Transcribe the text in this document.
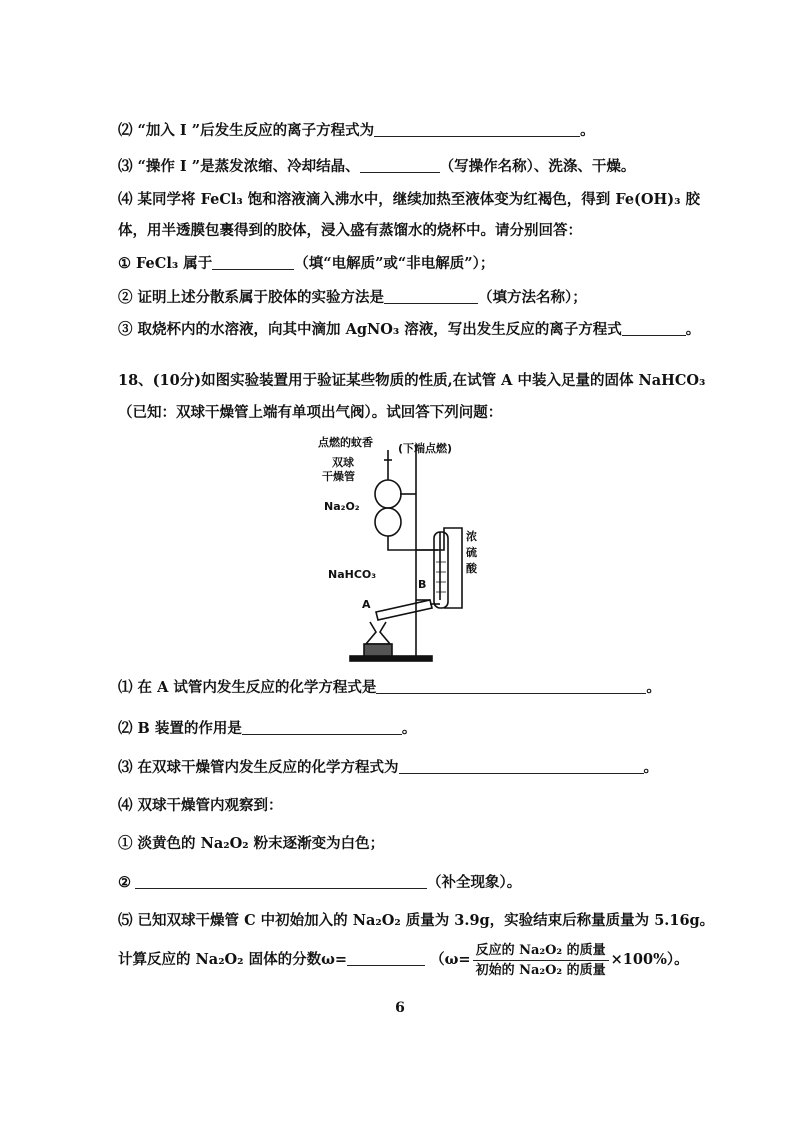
⑵ “加入 I ”后发生反应的离子方程式为	。
⑶ “操作 I ”是蒸发浓缩、冷却结晶、	（写操作名称）、洗涤、干燥。
⑷ 某同学将 FeCl₃ 饱和溶液滴入沸水中，继续加热至液体变为红褐色，得到 Fe(OH)₃ 胶
体，用半透膜包裹得到的胶体，浸入盛有蒸馏水的烧杯中。请分别回答：
① FeCl₃ 属于	（填“电解质”或“非电解质”）；
② 证明上述分散系属于胶体的实验方法是	（填方法名称）；
③ 取烧杯内的水溶液，向其中滴加 AgNO₃ 溶液，写出发生反应的离子方程式	。
18、(10分)如图实验装置用于验证某些物质的性质,在试管 A 中装入足量的固体 NaHCO₃
（已知：双球干燥管上端有单项出气阀）。试回答下列问题：
点燃的蚊香 (下端点燃)
双球
干燥管
Na₂O₂
NaHCO₃
B
A
浓
硫
酸
⑴ 在 A 试管内发生反应的化学方程式是	。
⑵ B 装置的作用是	。
⑶ 在双球干燥管内发生反应的化学方程式为	。
⑷ 双球干燥管内观察到：
① 淡黄色的 Na₂O₂ 粉末逐渐变为白色；
②	（补全现象）。
⑸ 已知双球干燥管 C 中初始加入的 Na₂O₂ 质量为 3.9g，实验结束后称量质量为 5.16g。
计算反应的 Na₂O₂ 固体的分数ω=	$(\omega= \frac{\text{反应的 Na₂O₂ 的质量}}{\text{初始的 Na₂O₂ 的质量}} \times 100\%)$。
6
